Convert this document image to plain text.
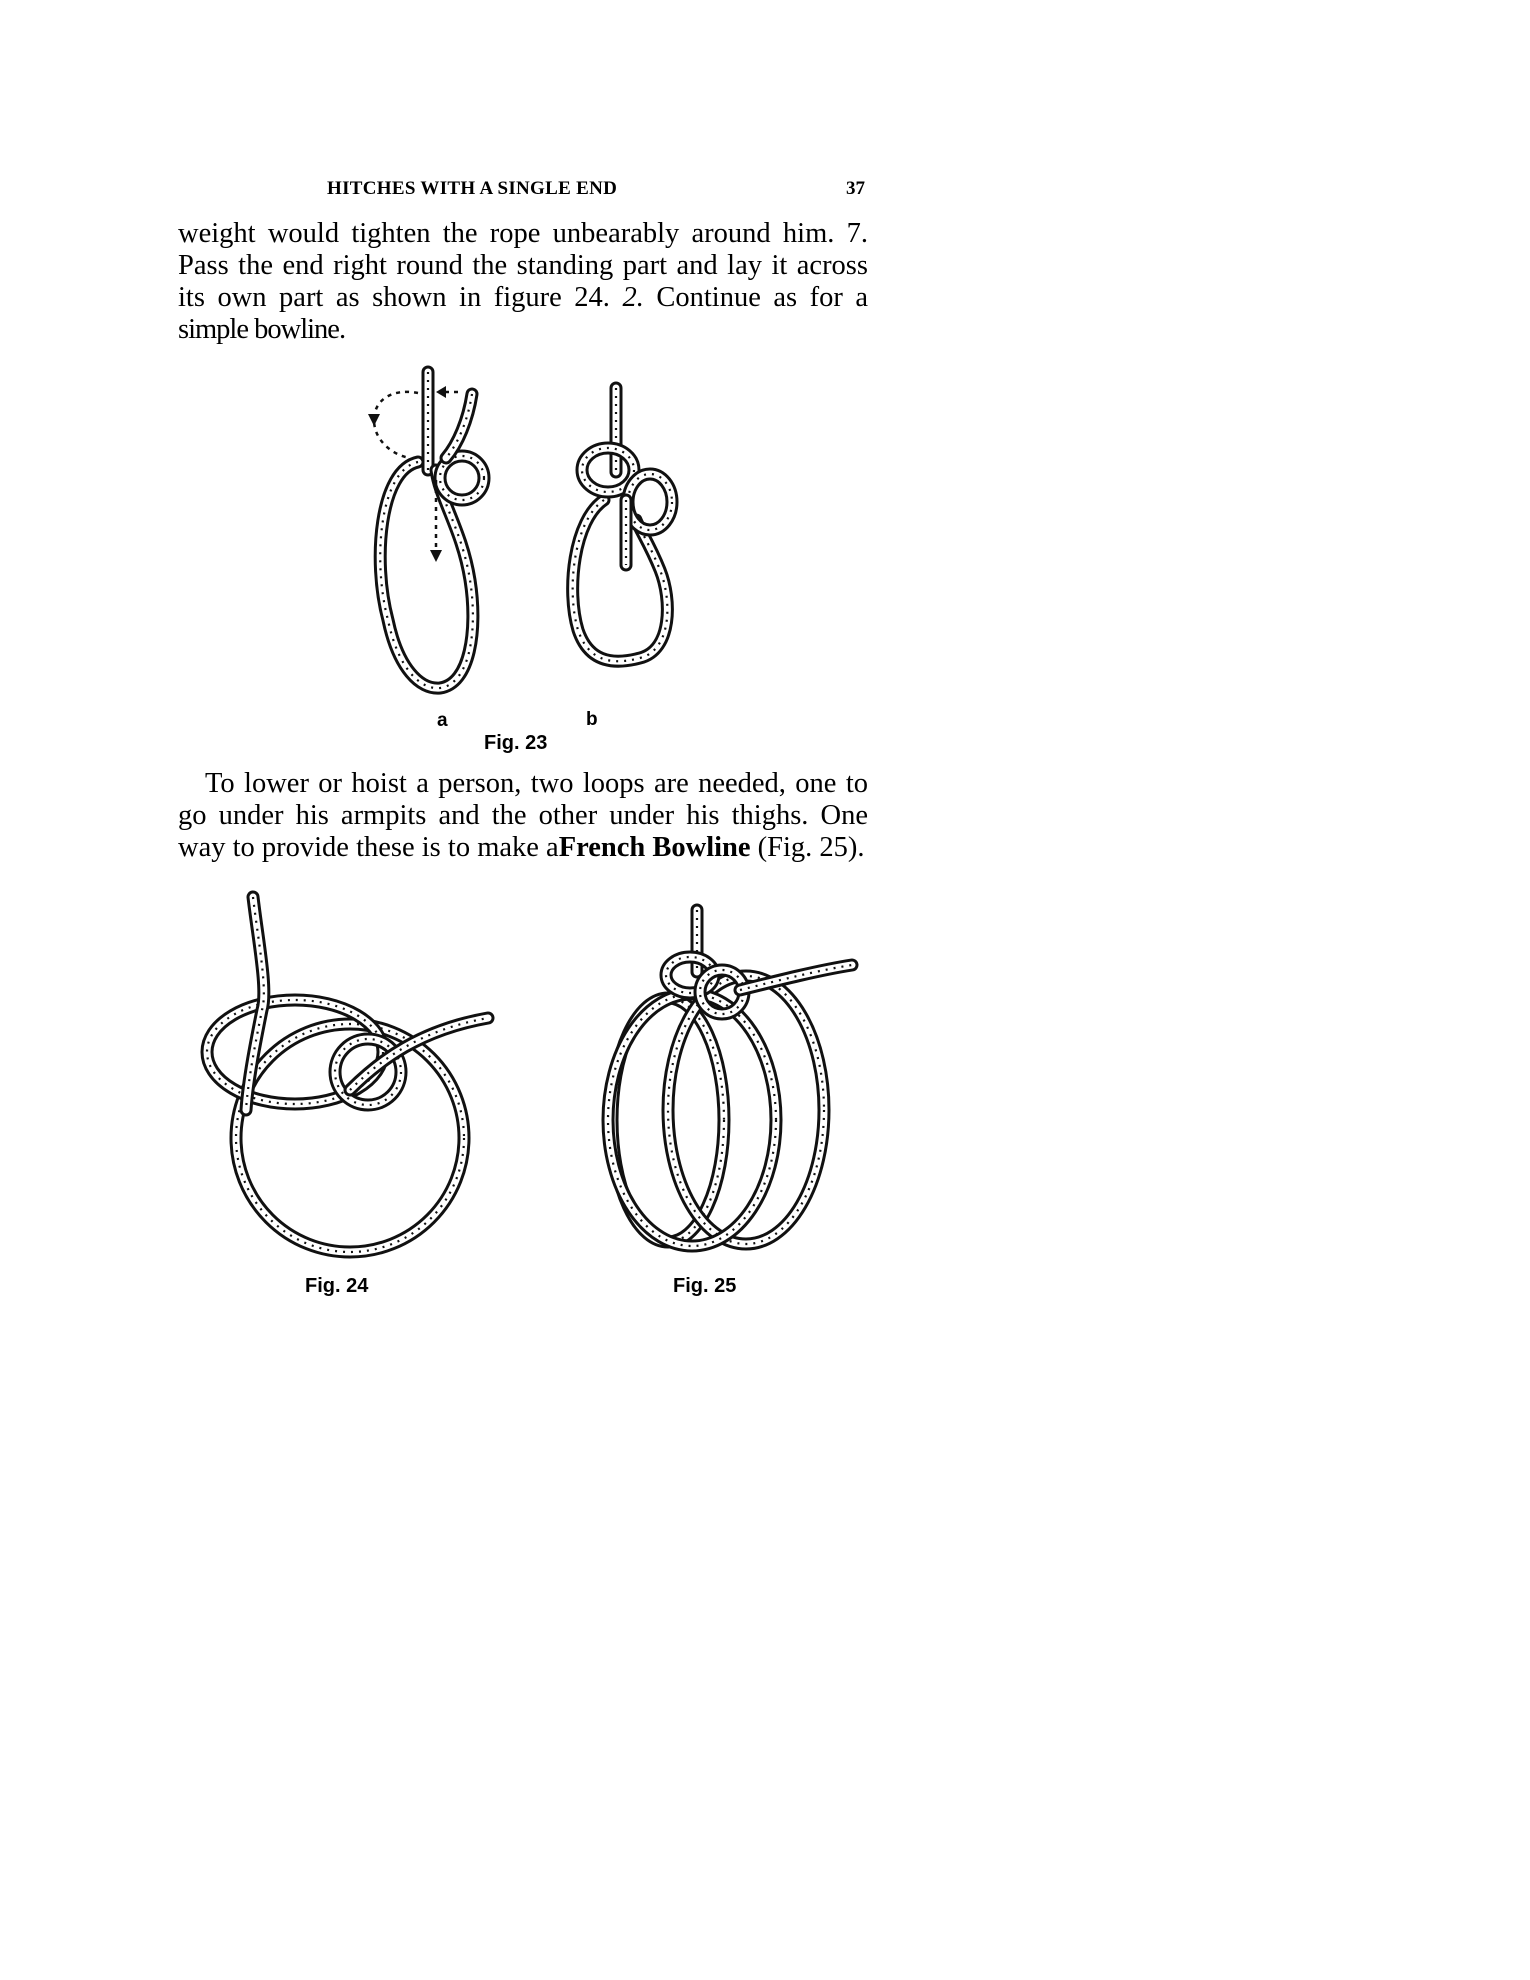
HITCHES WITH A SINGLE END	37

weight would tighten the rope unbearably around him. 7. Pass the end right round the standing part and lay it across its own part as shown in figure 24. 2. Continue as for a simple bowline.

a	b
Fig. 23

To lower or hoist a person, two loops are needed, one to go under his armpits and the other under his thighs. One way to provide these is to make aFrench Bowline (Fig. 25).

Fig. 24	Fig. 25
